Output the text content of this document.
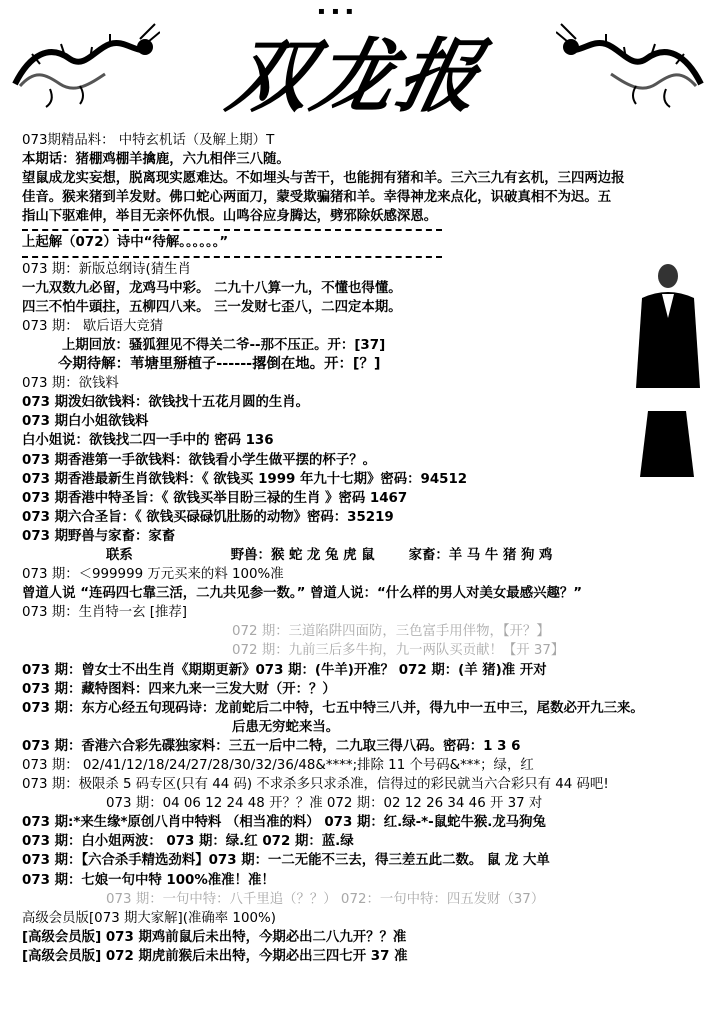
▪ ▪ ▪
双龙报
073期精品料： 中特玄机话（及解上期）T
本期话：猪棚鸡棚羊擒鹿，六九相伴三八随。
望鼠成龙实妄想，脱离现实愿难达。不如埋头与苦干，也能拥有猪和羊。三六三九有玄机，三四两边报
佳音。猴来猪到羊发财。佛口蛇心两面刀，蒙受欺骗猪和羊。幸得神龙来点化，识破真相不为迟。五
指山下驱难伸，举目无亲怀仇恨。山鸣谷应身腾达，劈邪除妖感深恩。
上起解（072）诗中“待解。。。。。。”
073 期：新版总纲诗(猜生肖
一九双数九必留，龙鸡马中彩。 二九十八算一九，不懂也得懂。
四三不怕牛頭拄，五柳四八来。 三一发财七歪八，二四定本期。
073 期： 歇后语大竞猜
上期回放：骚狐狸见不得关二爷--那不压正。开：[37]
今期待解：苇塘里掰植子------撂倒在地。开：[？]
073 期：欲钱料
073 期泼妇欲钱料：欲钱找十五花月圆的生肖。
073 期白小姐欲钱料
白小姐说：欲钱找二四一手中的 密码 136
073 期香港第一手欲钱料：欲钱看小学生做平摆的杯子？。
073 期香港最新生肖欲钱料：《 欲钱买 1999 年九十七期》密码：94512
073 期香港中特圣旨：《 欲钱买举目盼三禄的生肖 》密码 1467
073 期六合圣旨：《 欲钱买碌碌饥肚肠的动物》密码：35219
073 期野兽与家畜：家畜
联系	野兽：猴 蛇 龙 兔 虎 鼠	家畜：羊 马 牛 猪 狗 鸡
073 期：＜999999 万元买来的料 100%准
曾道人说 “连码四七靠三活，二九共见参一数。” 曾道人说：“什么样的男人对美女最感兴趣？”
073 期：生肖特一玄 [推荐]
072 期：三道陷阱四面防，三色富手用伴物，【开？】
072 期：九前三后多牛拘，九一两队买贡献！【开 37】
073 期：曾女士不出生肖《期期更新》073 期：(牛羊)开准？ 072 期：(羊 猪)准 开对
073 期：藏特图料：四来九来一三发大财（开：？）
073 期：东方心经五句现码诗：龙前蛇后二中特，七五中特三八并，得九中一五中三，尾数必开九三来。
后患无穷蛇来当。
073 期：香港六合彩先碟独家料：三五一后中二特，二九取三得八码。密码：1 3 6
073 期： 02/41/12/18/24/27/28/30/32/36/48&****;排除 11 个号码&***；绿，红
073 期：极限杀 5 码专区(只有 44 码) 不求杀多只求杀准，信得过的彩民就当六合彩只有 44 码吧!
073 期：04 06 12 24 48 开？？准 072 期：02 12 26 34 46 开 37 对
073 期:*来生缘*原创八肖中特料 （相当准的料） 073 期：红.绿-*-鼠蛇牛猴.龙马狗兔
073 期：白小姐两波： 073 期：绿.红 072 期：蓝.绿
073 期：【六合杀手精选劲料】073 期：一二无能不三去，得三差五此二数。 鼠 龙 大单
073 期：七娘一句中特 100%准准！准！
073 期：一句中特：八千里追（？？） 072：一句中特：四五发财（37）
高级会员版[073 期大家解](准确率 100%)
[高级会员版] 073 期鸡前鼠后未出特，今期必出二八九开？？准
[高级会员版] 072 期虎前猴后未出特，今期必出三四七开 37 准
